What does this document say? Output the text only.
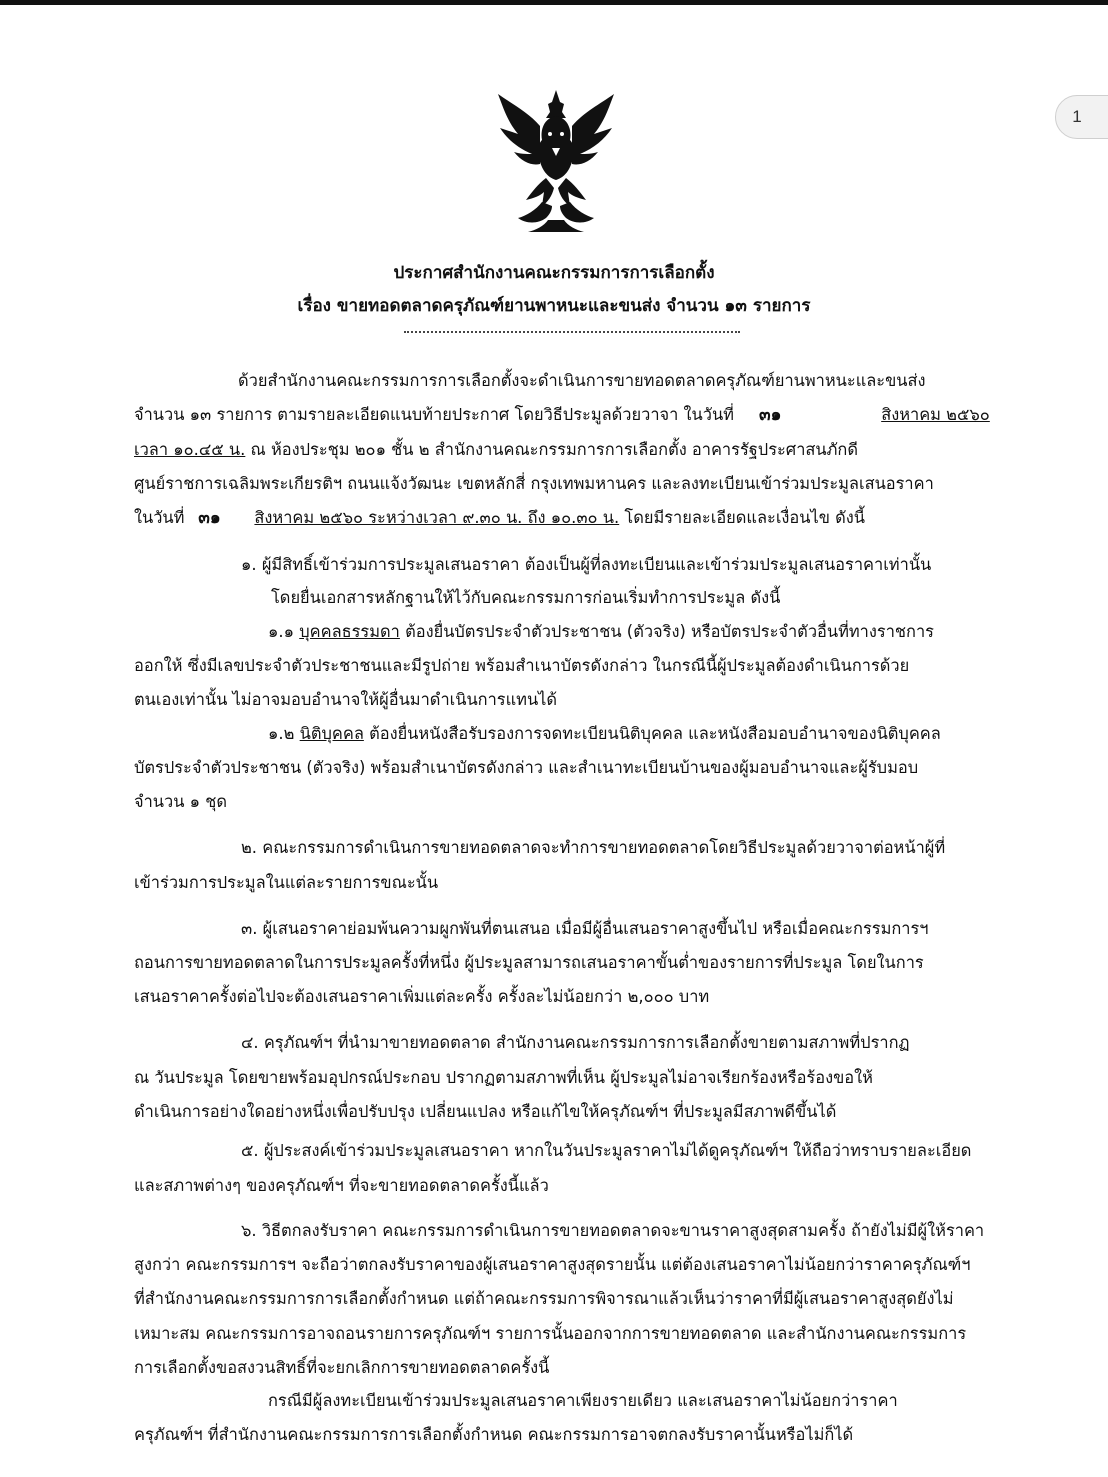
1
ประกาศสำนักงานคณะกรรมการการเลือกตั้ง
เรื่อง ขายทอดตลาดครุภัณฑ์ยานพาหนะและขนส่ง จำนวน ๑๓ รายการ
ด้วยสำนักงานคณะกรรมการการเลือกตั้งจะดำเนินการขายทอดตลาดครุภัณฑ์ยานพาหนะและขนส่ง
จำนวน ๑๓ รายการ ตามรายละเอียดแนบท้ายประกาศ โดยวิธีประมูลด้วยวาจา ในวันที่ ๓๑	สิงหาคม ๒๕๖๐
เวลา ๑๐.๔๕ น. ณ ห้องประชุม ๒๐๑ ชั้น ๒ สำนักงานคณะกรรมการการเลือกตั้ง อาคารรัฐประศาสนภักดี
ศูนย์ราชการเฉลิมพระเกียรติฯ ถนนแจ้งวัฒนะ เขตหลักสี่ กรุงเทพมหานคร และลงทะเบียนเข้าร่วมประมูลเสนอราคา
ในวันที่ ๓๑ สิงหาคม ๒๕๖๐ ระหว่างเวลา ๙.๓๐ น. ถึง ๑๐.๓๐ น. โดยมีรายละเอียดและเงื่อนไข ดังนี้
๑. ผู้มีสิทธิ์เข้าร่วมการประมูลเสนอราคา ต้องเป็นผู้ที่ลงทะเบียนและเข้าร่วมประมูลเสนอราคาเท่านั้น
โดยยื่นเอกสารหลักฐานให้ไว้กับคณะกรรมการก่อนเริ่มทำการประมูล ดังนี้
๑.๑ บุคคลธรรมดา ต้องยื่นบัตรประจำตัวประชาชน (ตัวจริง) หรือบัตรประจำตัวอื่นที่ทางราชการ
ออกให้ ซึ่งมีเลขประจำตัวประชาชนและมีรูปถ่าย พร้อมสำเนาบัตรดังกล่าว ในกรณีนี้ผู้ประมูลต้องดำเนินการด้วย
ตนเองเท่านั้น ไม่อาจมอบอำนาจให้ผู้อื่นมาดำเนินการแทนได้
๑.๒ นิติบุคคล ต้องยื่นหนังสือรับรองการจดทะเบียนนิติบุคคล และหนังสือมอบอำนาจของนิติบุคคล
บัตรประจำตัวประชาชน (ตัวจริง) พร้อมสำเนาบัตรดังกล่าว และสำเนาทะเบียนบ้านของผู้มอบอำนาจและผู้รับมอบ
จำนวน ๑ ชุด
๒. คณะกรรมการดำเนินการขายทอดตลาดจะทำการขายทอดตลาดโดยวิธีประมูลด้วยวาจาต่อหน้าผู้ที่
เข้าร่วมการประมูลในแต่ละรายการขณะนั้น
๓. ผู้เสนอราคาย่อมพ้นความผูกพันที่ตนเสนอ เมื่อมีผู้อื่นเสนอราคาสูงขึ้นไป หรือเมื่อคณะกรรมการฯ
ถอนการขายทอดตลาดในการประมูลครั้งที่หนึ่ง ผู้ประมูลสามารถเสนอราคาขั้นต่ำของรายการที่ประมูล โดยในการ
เสนอราคาครั้งต่อไปจะต้องเสนอราคาเพิ่มแต่ละครั้ง ครั้งละไม่น้อยกว่า ๒,๐๐๐ บาท
๔. ครุภัณฑ์ฯ ที่นำมาขายทอดตลาด สำนักงานคณะกรรมการการเลือกตั้งขายตามสภาพที่ปรากฏ
ณ วันประมูล โดยขายพร้อมอุปกรณ์ประกอบ ปรากฏตามสภาพที่เห็น ผู้ประมูลไม่อาจเรียกร้องหรือร้องขอให้
ดำเนินการอย่างใดอย่างหนึ่งเพื่อปรับปรุง เปลี่ยนแปลง หรือแก้ไขให้ครุภัณฑ์ฯ ที่ประมูลมีสภาพดีขึ้นได้
๕. ผู้ประสงค์เข้าร่วมประมูลเสนอราคา หากในวันประมูลราคาไม่ได้ดูครุภัณฑ์ฯ ให้ถือว่าทราบรายละเอียด
และสภาพต่างๆ ของครุภัณฑ์ฯ ที่จะขายทอดตลาดครั้งนี้แล้ว
๖. วิธีตกลงรับราคา คณะกรรมการดำเนินการขายทอดตลาดจะขานราคาสูงสุดสามครั้ง ถ้ายังไม่มีผู้ให้ราคา
สูงกว่า คณะกรรมการฯ จะถือว่าตกลงรับราคาของผู้เสนอราคาสูงสุดรายนั้น แต่ต้องเสนอราคาไม่น้อยกว่าราคาครุภัณฑ์ฯ
ที่สำนักงานคณะกรรมการการเลือกตั้งกำหนด แต่ถ้าคณะกรรมการพิจารณาแล้วเห็นว่าราคาที่มีผู้เสนอราคาสูงสุดยังไม่
เหมาะสม คณะกรรมการอาจถอนรายการครุภัณฑ์ฯ รายการนั้นออกจากการขายทอดตลาด และสำนักงานคณะกรรมการ
การเลือกตั้งขอสงวนสิทธิ์ที่จะยกเลิกการขายทอดตลาดครั้งนี้
กรณีมีผู้ลงทะเบียนเข้าร่วมประมูลเสนอราคาเพียงรายเดียว และเสนอราคาไม่น้อยกว่าราคา
ครุภัณฑ์ฯ ที่สำนักงานคณะกรรมการการเลือกตั้งกำหนด คณะกรรมการอาจตกลงรับราคานั้นหรือไม่ก็ได้
